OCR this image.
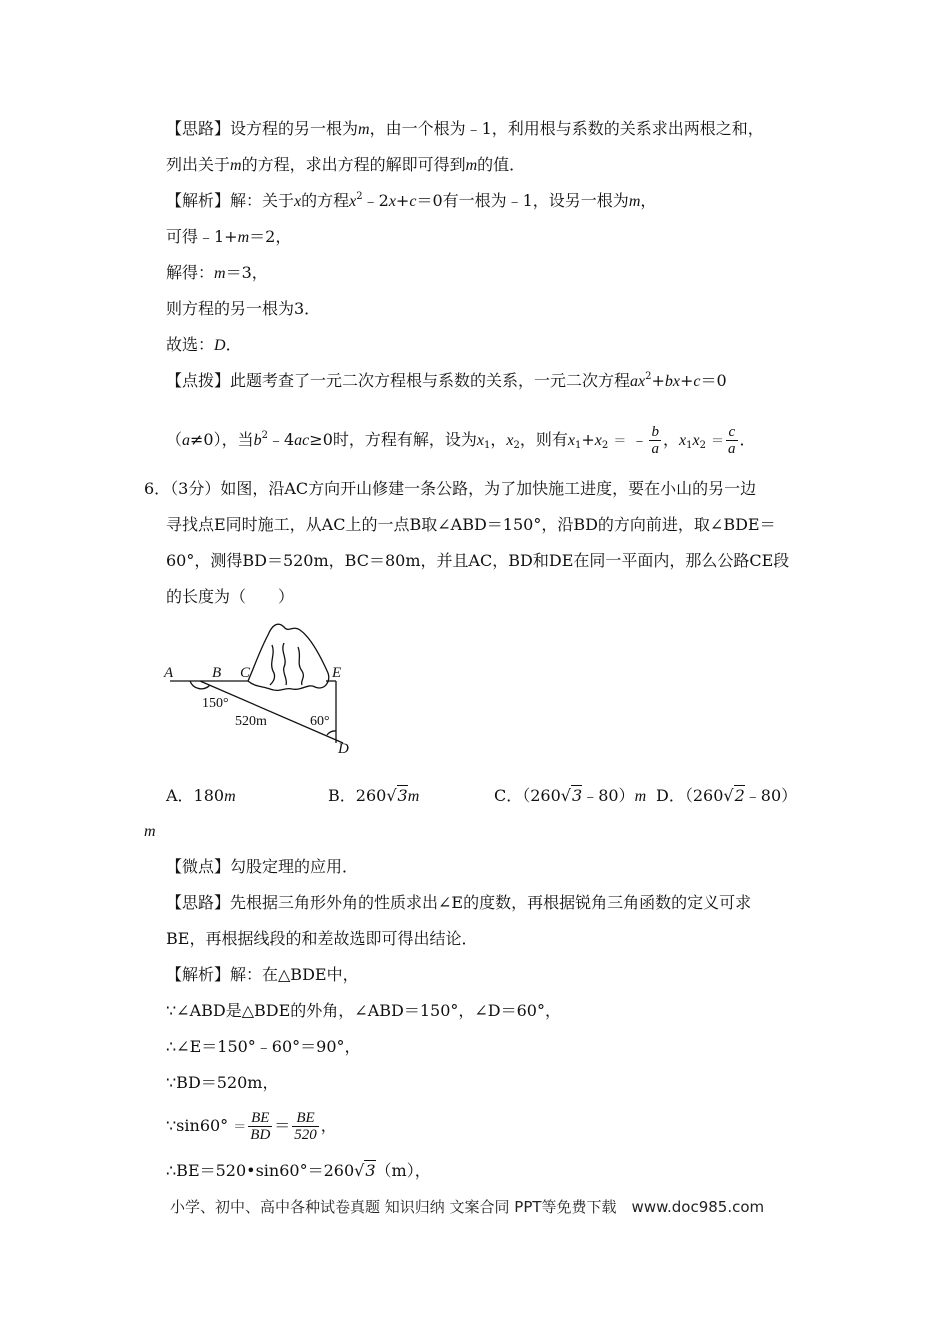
【思路】设方程的另一根为m，由一个根为﹣1，利用根与系数的关系求出两根之和，
列出关于m的方程，求出方程的解即可得到m的值．
【解析】解：关于x的方程$x^2﹣2x+c=0$有一根为﹣1，设另一根为m，
可得﹣1+m＝2，
解得：m＝3，
则方程的另一根为3．
故选：D．
【点拨】此题考查了一元二次方程根与系数的关系，一元二次方程$ax^2+bx+c=0$
（a≠0），当$b^2﹣4ac\ge 0$时，方程有解，设为$x_1$，$x_2$，则有$x_1+x_2$ ＝ ﹣ $\frac{b}{a}$ ，$x_1x_2 = \frac{c}{a}$ ．
6．（3分）如图，沿AC方向开山修建一条公路，为了加快施工进度，要在小山的另一边
寻找点E同时施工，从AC上的一点B取∠ABD＝150°，沿BD的方向前进，取∠BDE＝
60°，测得BD＝520m，BC＝80m，并且AC，BD和DE在同一平面内，那么公路CE段
的长度为（　　）
A	B C	E
D
150°
520m	60°
A．180m	B．260√3m	C．（260√3﹣80）m D．（260√2﹣80）
m
【微点】勾股定理的应用．
【思路】先根据三角形外角的性质求出∠E的度数，再根据锐角三角函数的定义可求
BE，再根据线段的和差故选即可得出结论．
【解析】解：在△BDE中，
∵∠ABD是△BDE的外角，∠ABD＝150°，∠D＝60°，
∴∠E＝150°﹣60°＝90°，
∵BD＝520m，
∵sin60° ＝ $\frac{BE}{BD} = \frac{BE}{520}$ ，
∴BE＝520•sin60°＝260√3（m），
小学、初中、高中各种试卷真题 知识归纳 文案合同 PPT等免费下载　www.doc985.com
